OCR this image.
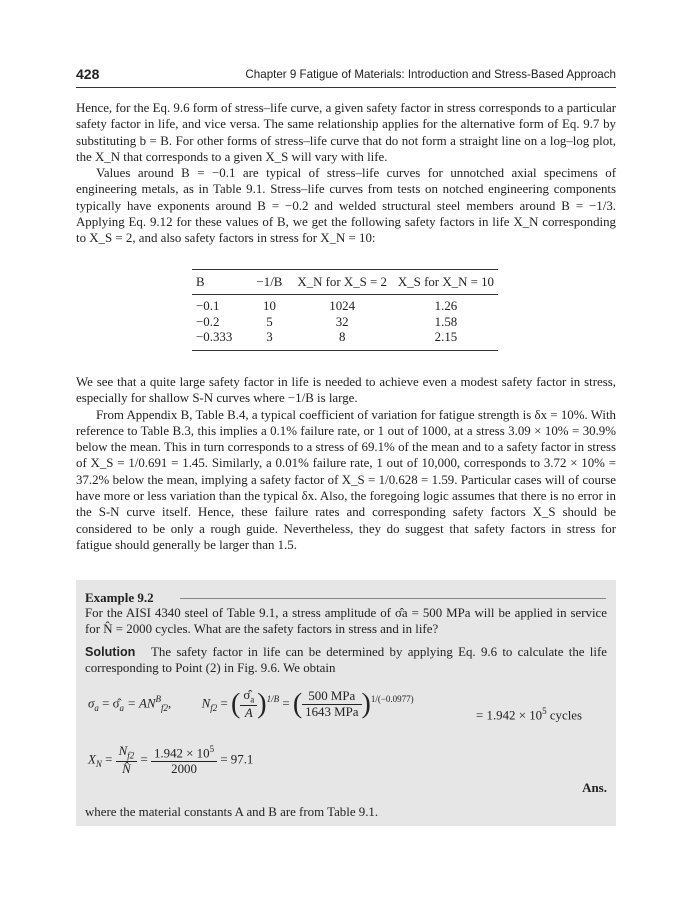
428	Chapter 9 Fatigue of Materials: Introduction and Stress-Based Approach

Hence, for the Eq. 9.6 form of stress–life curve, a given safety factor in stress corresponds to a particular safety factor in life, and vice versa. The same relationship applies for the alternative form of Eq. 9.7 by substituting b = B. For other forms of stress–life curve that do not form a straight line on a log–log plot, the X_N that corresponds to a given X_S will vary with life.

Values around B = −0.1 are typical of stress–life curves for unnotched axial specimens of engineering metals, as in Table 9.1. Stress–life curves from tests on notched engineering components typically have exponents around B = −0.2 and welded structural steel members around B = −1/3. Applying Eq. 9.12 for these values of B, we get the following safety factors in life X_N corresponding to X_S = 2, and also safety factors in stress for X_N = 10:

B	−1/B	X_N for X_S = 2	X_S for X_N = 10
−0.1	10	1024	1.26
−0.2	5	32	1.58
−0.333	3	8	2.15

We see that a quite large safety factor in life is needed to achieve even a modest safety factor in stress, especially for shallow S-N curves where −1/B is large.

From Appendix B, Table B.4, a typical coefficient of variation for fatigue strength is δx = 10%. With reference to Table B.3, this implies a 0.1% failure rate, or 1 out of 1000, at a stress 3.09 × 10% = 30.9% below the mean. This in turn corresponds to a stress of 69.1% of the mean and to a safety factor in stress of X_S = 1/0.691 = 1.45. Similarly, a 0.01% failure rate, 1 out of 10,000, corresponds to 3.72 × 10% = 37.2% below the mean, implying a safety factor of X_S = 1/0.628 = 1.59. Particular cases will of course have more or less variation than the typical δx. Also, the foregoing logic assumes that there is no error in the S-N curve itself. Hence, these failure rates and corresponding safety factors X_S should be considered to be only a rough guide. Nevertheless, they do suggest that safety factors in stress for fatigue should generally be larger than 1.5.

Example 9.2
For the AISI 4340 steel of Table 9.1, a stress amplitude of σ̂a = 500 MPa will be applied in service for N̂ = 2000 cycles. What are the safety factors in stress and in life?
Solution The safety factor in life can be determined by applying Eq. 9.6 to calculate the life corresponding to Point (2) in Fig. 9.6. We obtain
$\sigma_a$ = $\sigmâ_a = AN^B_{f2}$,  $N_{f2}$ = ( $\frac{\sigmâ_a}{A} )^{1/B}$ = ( $\frac{\text{500 MPa}}{\text{1643 MPa}} )^{1/(-0.0977)}$
= $1.942 \times 10^5$ cycles
$X_N = \frac{N_{f2}}{N̂} = \frac{1.942 \times 10^5}{2000} = 97.1$
Ans.
where the material constants A and B are from Table 9.1.
